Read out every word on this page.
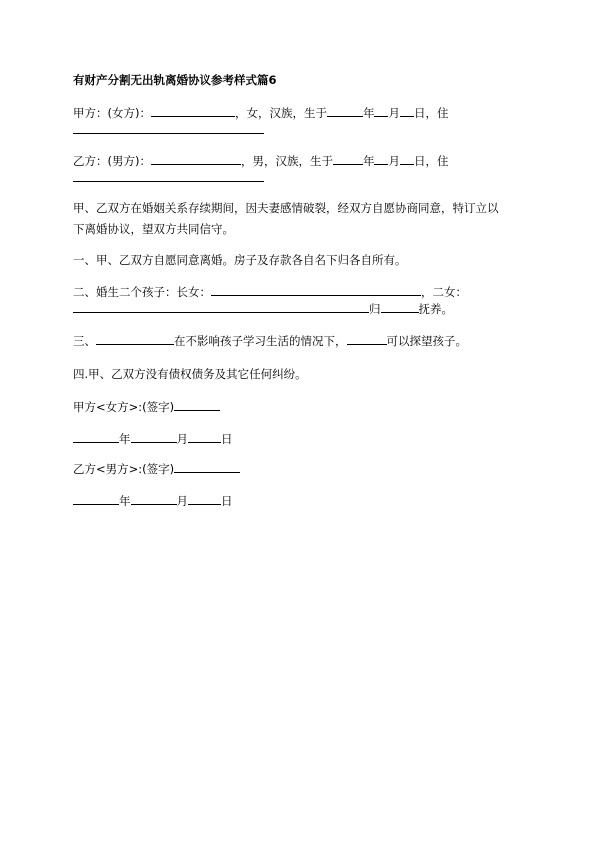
有财产分割无出轨离婚协议参考样式篇6
甲方：(女方)：	，女，汉族，生于	年 月 日，住
乙方：(男方)：	，男，汉族，生于	年 月 日，住
甲、乙双方在婚姻关系存续期间，因夫妻感情破裂，经双方自愿协商同意，特订立以
下离婚协议，望双方共同信守。
一、甲、乙双方自愿同意离婚。房子及存款各自名下归各自所有。
二、婚生二个孩子：长女：	，二女：
归	抚养。
三、	在不影响孩子学习生活的情况下，	可以探望孩子。
四.甲、乙双方没有债权债务及其它任何纠纷。
甲方<女方>:(签字)
年	月	日
乙方<男方>:(签字)
年	月	日
